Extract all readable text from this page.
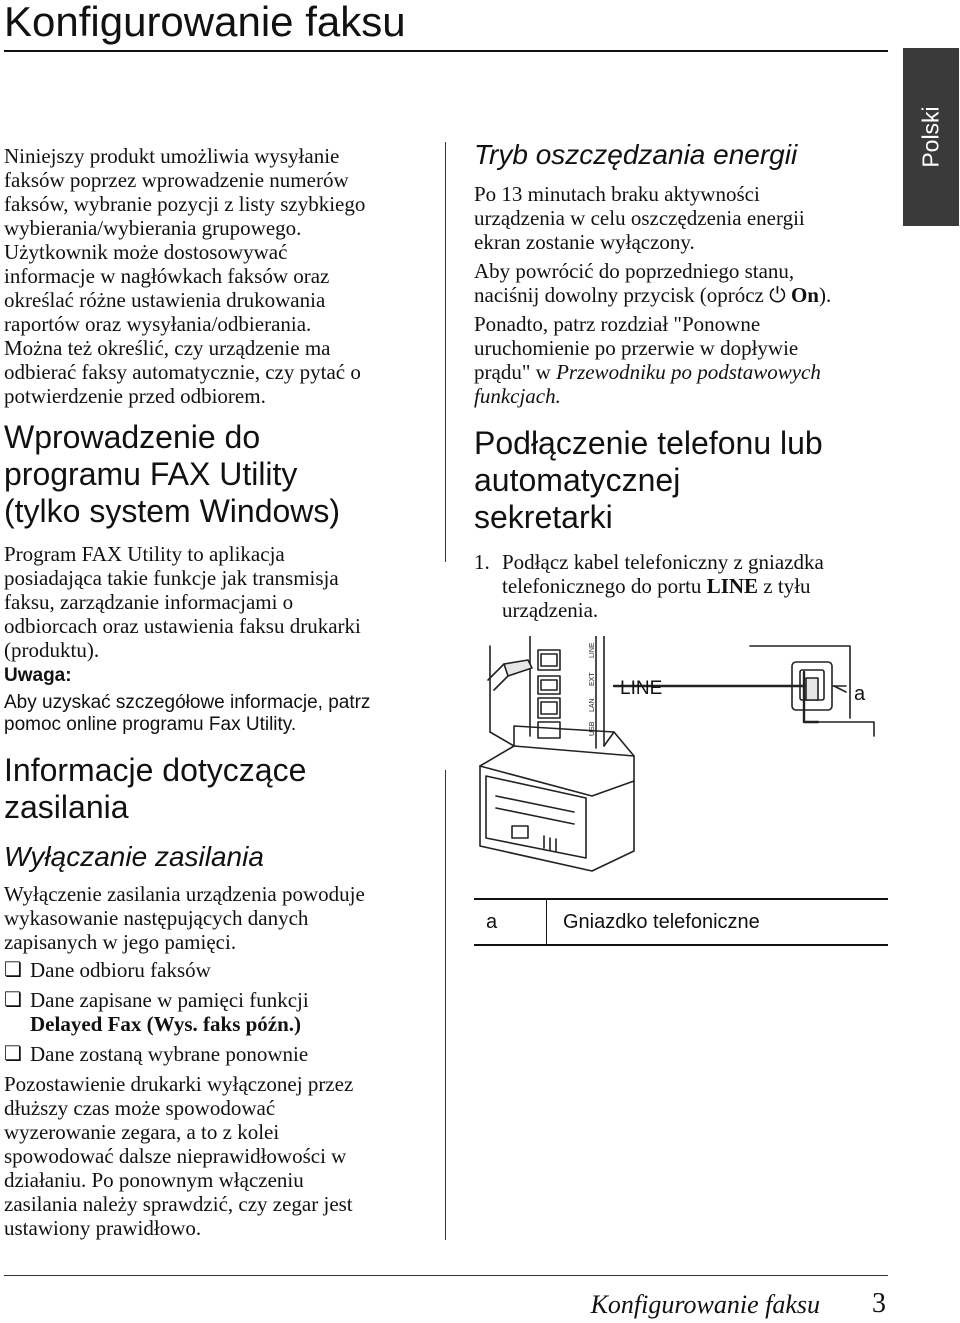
Konfigurowanie faksu
Polski
Niniejszy produkt umożliwia wysyłanie
faksów poprzez wprowadzenie numerów
faksów, wybranie pozycji z listy szybkiego
wybierania/wybierania grupowego.
Użytkownik może dostosowywać
informacje w nagłówkach faksów oraz
określać różne ustawienia drukowania
raportów oraz wysyłania/odbierania.
Można też określić, czy urządzenie ma
odbierać faksy automatycznie, czy pytać o
potwierdzenie przed odbiorem.
Wprowadzenie do
programu FAX Utility
(tylko system Windows)
Program FAX Utility to aplikacja
posiadająca takie funkcje jak transmisja
faksu, zarządzanie informacjami o
odbiorcach oraz ustawienia faksu drukarki
(produktu).
Uwaga:
Aby uzyskać szczegółowe informacje, patrz
pomoc online programu Fax Utility.
Informacje dotyczące
zasilania
Wyłączanie zasilania
Wyłączenie zasilania urządzenia powoduje
wykasowanie następujących danych
zapisanych w jego pamięci.
❏ Dane odbioru faksów
❏ Dane zapisane w pamięci funkcji
Delayed Fax (Wys. faks późn.)
❏ Dane zostaną wybrane ponownie
Pozostawienie drukarki wyłączonej przez
dłuższy czas może spowodować
wyzerowanie zegara, a to z kolei
spowodować dalsze nieprawidłowości w
działaniu. Po ponownym włączeniu
zasilania należy sprawdzić, czy zegar jest
ustawiony prawidłowo.
Tryb oszczędzania energii
Po 13 minutach braku aktywności
urządzenia w celu oszczędzenia energii
ekran zostanie wyłączony.
Aby powrócić do poprzedniego stanu,
naciśnij dowolny przycisk (oprócz ⏻ On).
Ponadto, patrz rozdział "Ponowne
uruchomienie po przerwie w dopływie
prądu" w Przewodniku po podstawowych
funkcjach.
Podłączenie telefonu lub
automatycznej
sekretarki
1. Podłącz kabel telefoniczny z gniazdka
telefonicznego do portu LINE z tyłu
urządzenia.
LINE
EXT
LAN
USB
LINE	a
a	Gniazdko telefoniczne
Konfigurowanie faksu 3
